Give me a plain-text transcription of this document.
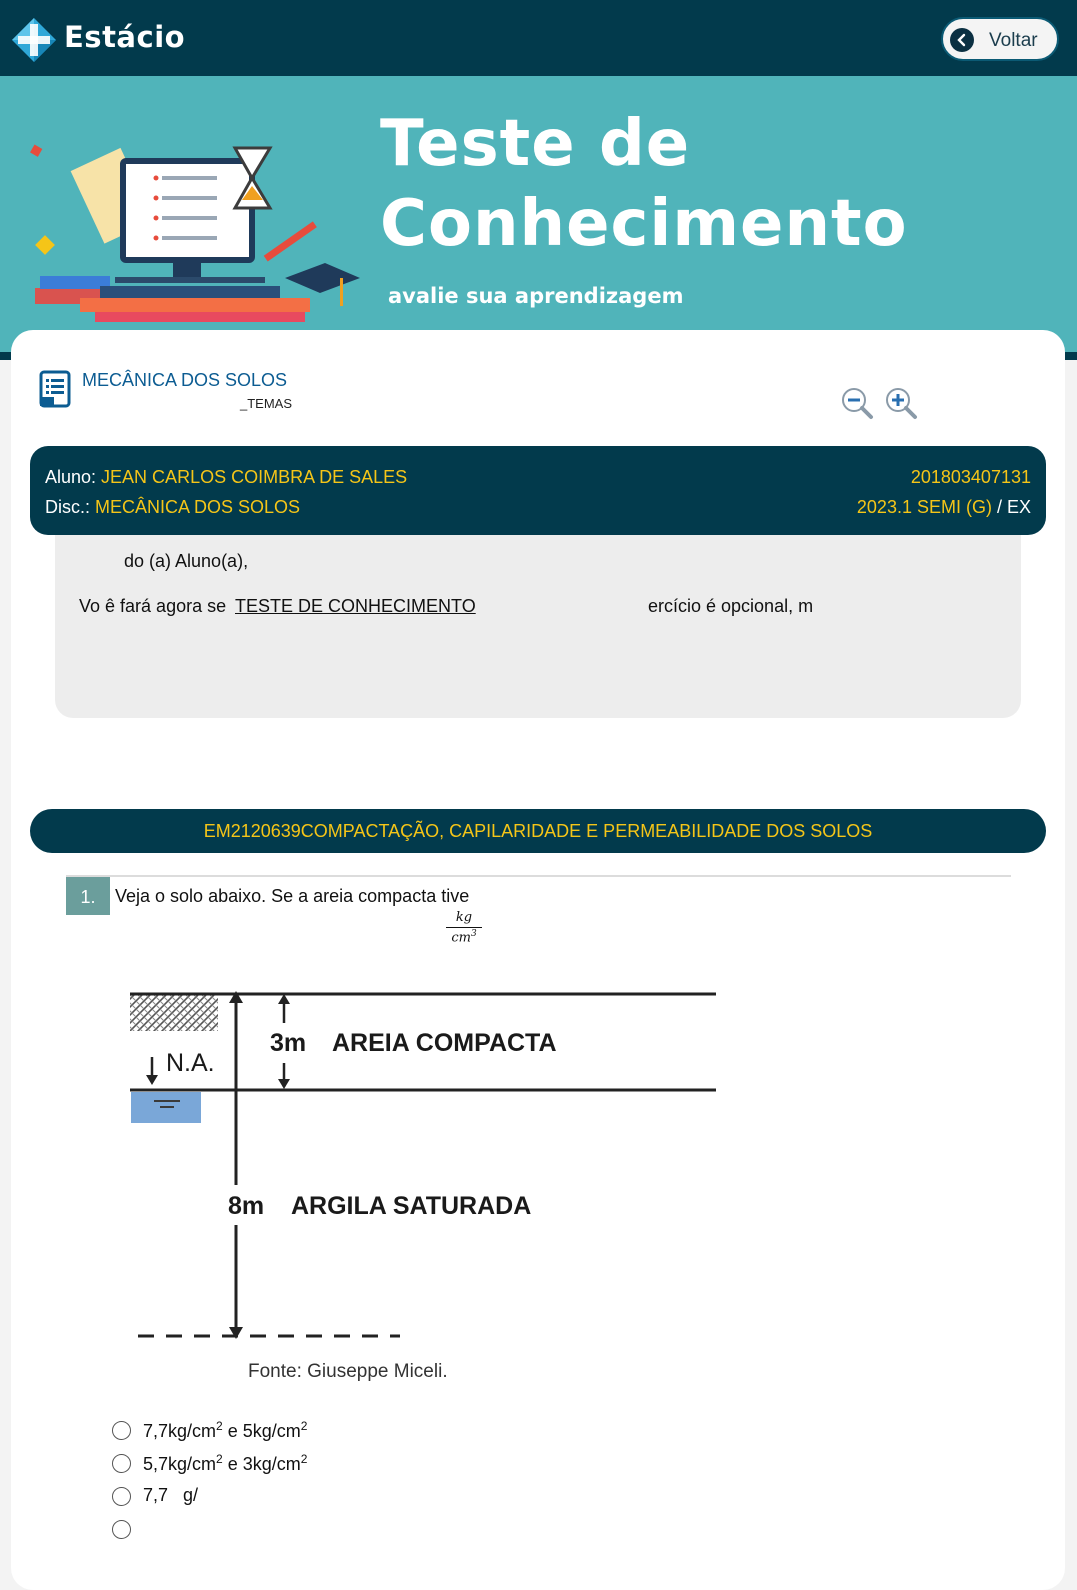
Estácio	Voltar
Teste de
Conhecimento
avalie sua aprendizagem
MECÂNICA DOS SOLOS
_TEMAS
Aluno: JEAN CARLOS COIMBRA DE SALES
Disc.: MECÂNICA DOS SOLOS
201803407131
2023.1 SEMI (G) / EX
do (a) Aluno(a),
Vo ê fará agora se TESTE DE CONHECIMENTO	ercício é opcional, m
EM2120639COMPACTAÇÃO, CAPILARIDADE E PERMEABILIDADE DOS SOLOS
1.	Veja o solo abaixo. Se a areia compacta tive
$\frac{kg}{cm^3}$
3m AREIA COMPACTA
N.A.
8m ARGILA SATURADA
Fonte: Giuseppe Miceli.
$7,7kg/cm^2$ e $5kg/cm^2$
$5,7kg/cm^2$ e $3kg/cm^2$
7,7   g/
